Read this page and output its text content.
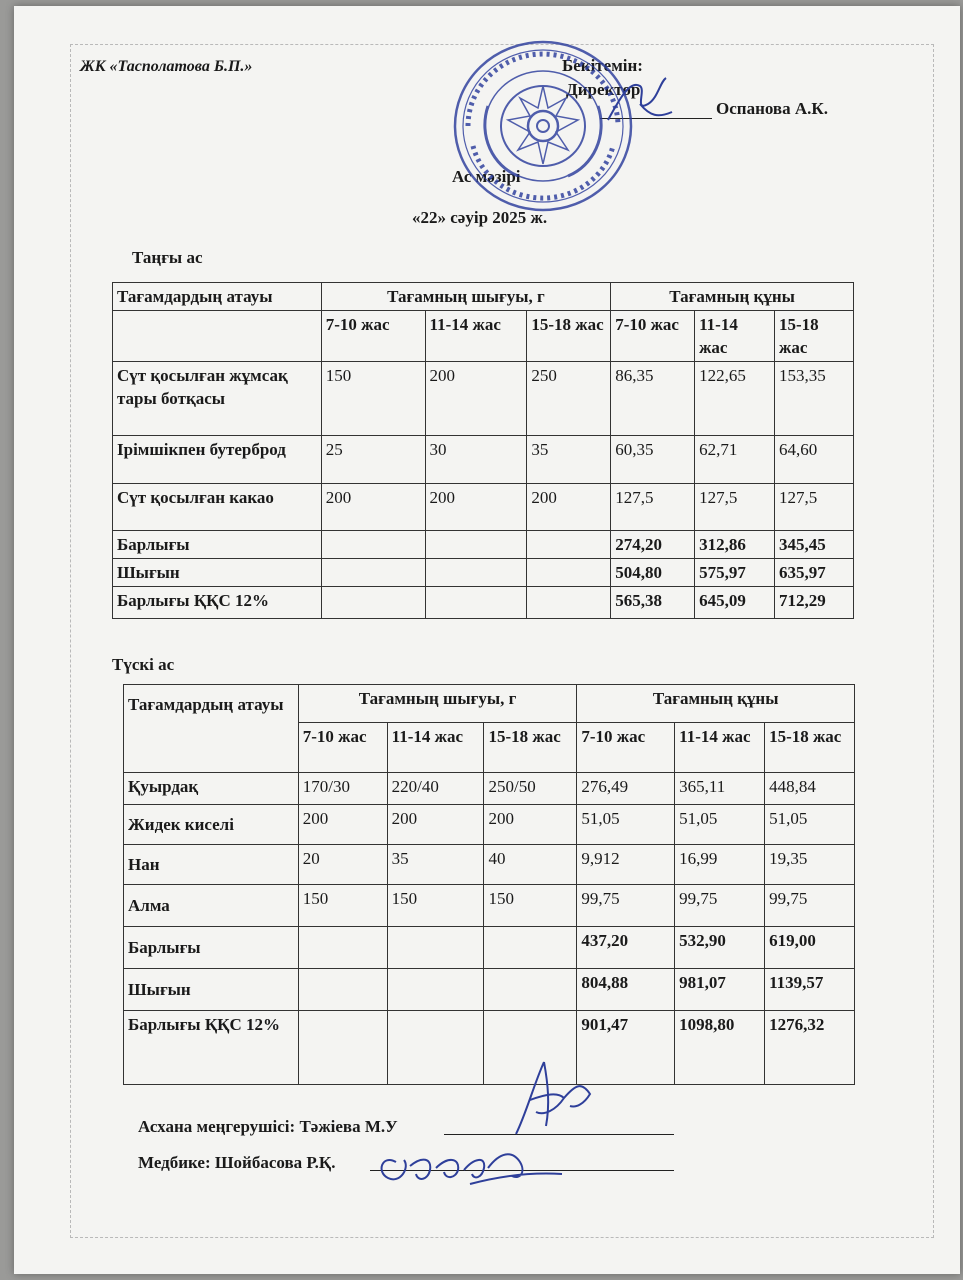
ЖК «Тасполатова Б.П.»	Бекітемін:
Директор
Оспанова А.К.
Ас мәзірі
«22» сәуір 2025 ж.
Таңғы ас
Тағамдардың атауы	Тағамның шығуы, г			Тағамның құны		
	7-10 жас	11-14 жас	15-18 жас	7-10 жас	11-14 жас	15-18 жас
Сүт қосылған жұмсақ тары ботқасы	150	200	250	86,35	122,65	153,35
Ірімшікпен бутерброд	25	30	35	60,35	62,71	64,60
Сүт қосылған какао	200	200	200	127,5	127,5	127,5
Барлығы				274,20	312,86	345,45
Шығын				504,80	575,97	635,97
Барлығы ҚҚС 12%				565,38	645,09	712,29
Түскі ас
Тағамдардың атауы	Тағамның шығуы, г			Тағамның құны		
	7-10 жас	11-14 жас	15-18 жас	7-10 жас	11-14 жас	15-18 жас
Қуырдақ	170/30	220/40	250/50	276,49	365,11	448,84
Жидек киселі	200	200	200	51,05	51,05	51,05
Нан	20	35	40	9,912	16,99	19,35
Алма	150	150	150	99,75	99,75	99,75
Барлығы				437,20	532,90	619,00
Шығын				804,88	981,07	1139,57
Барлығы ҚҚС 12%				901,47	1098,80	1276,32
Асхана меңгерушісі: Тәжіева М.У
Медбике: Шойбасова Р.Қ.
